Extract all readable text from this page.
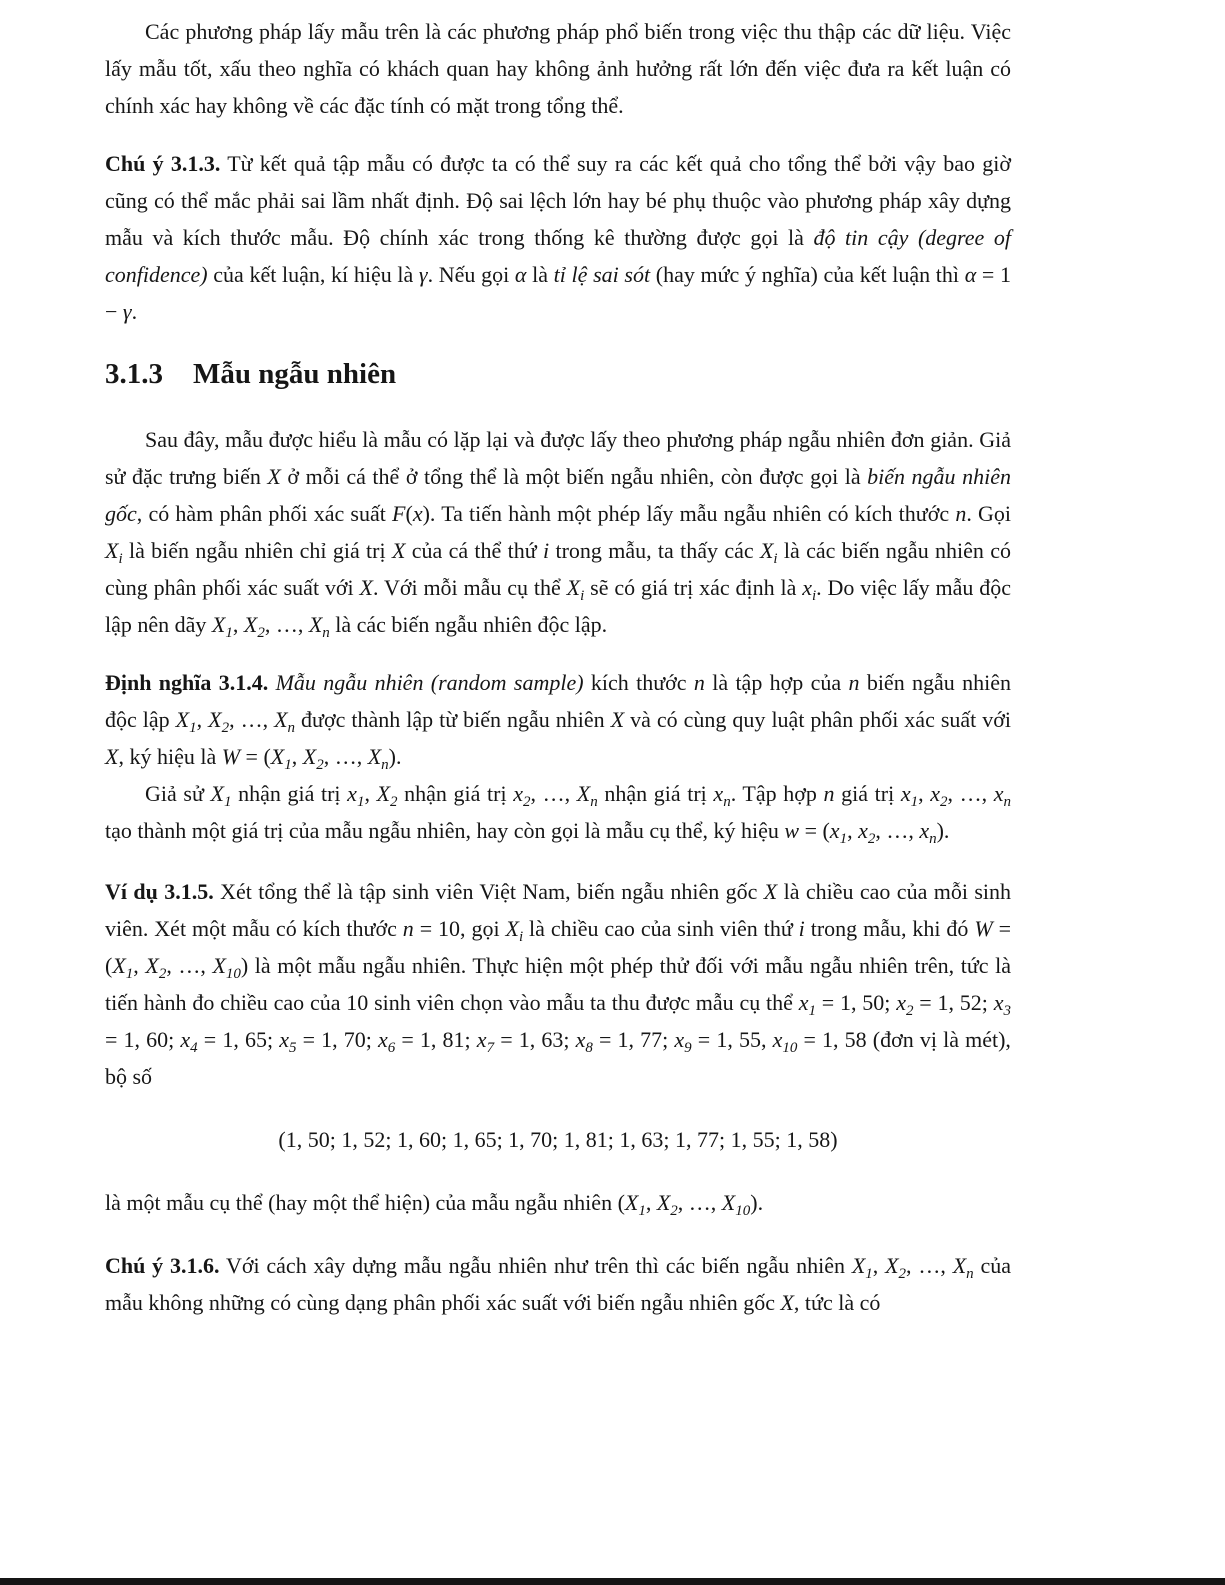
Các phương pháp lấy mẫu trên là các phương pháp phổ biến trong việc thu thập các dữ liệu. Việc lấy mẫu tốt, xấu theo nghĩa có khách quan hay không ảnh hưởng rất lớn đến việc đưa ra kết luận có chính xác hay không về các đặc tính có mặt trong tổng thể.

Chú ý 3.1.3. Từ kết quả tập mẫu có được ta có thể suy ra các kết quả cho tổng thể bởi vậy bao giờ cũng có thể mắc phải sai lầm nhất định. Độ sai lệch lớn hay bé phụ thuộc vào phương pháp xây dựng mẫu và kích thước mẫu. Độ chính xác trong thống kê thường được gọi là độ tin cậy (degree of confidence) của kết luận, kí hiệu là γ. Nếu gọi α là tỉ lệ sai sót (hay mức ý nghĩa) của kết luận thì α = 1 − γ.

3.1.3 Mẫu ngẫu nhiên

Sau đây, mẫu được hiểu là mẫu có lặp lại và được lấy theo phương pháp ngẫu nhiên đơn giản. Giả sử đặc trưng biến X ở mỗi cá thể ở tổng thể là một biến ngẫu nhiên, còn được gọi là biến ngẫu nhiên gốc, có hàm phân phối xác suất F(x). Ta tiến hành một phép lấy mẫu ngẫu nhiên có kích thước n. Gọi $X_i$ là biến ngẫu nhiên chỉ giá trị X của cá thể thứ i trong mẫu, ta thấy các $X_i$ là các biến ngẫu nhiên có cùng phân phối xác suất với X. Với mỗi mẫu cụ thể $X_i$ sẽ có giá trị xác định là $x_i$. Do việc lấy mẫu độc lập nên dãy $X_1$, $X_2$, …, $X_n$ là các biến ngẫu nhiên độc lập.

Định nghĩa 3.1.4. Mẫu ngẫu nhiên (random sample) kích thước n là tập hợp của n biến ngẫu nhiên độc lập $X_1$, $X_2$, …, $X_n$ được thành lập từ biến ngẫu nhiên X và có cùng quy luật phân phối xác suất với X, ký hiệu là $W = (X_1$, $X_2$, …, $X_n$).

Giả sử $X_1$ nhận giá trị $x_1$, $X_2$ nhận giá trị $x_2$, …, $X_n$ nhận giá trị $x_n$. Tập hợp n giá trị $x_1$, $x_2$, …, $x_n$ tạo thành một giá trị của mẫu ngẫu nhiên, hay còn gọi là mẫu cụ thể, ký hiệu $w = (x_1$, $x_2$, …, $x_n$).

Ví dụ 3.1.5. Xét tổng thể là tập sinh viên Việt Nam, biến ngẫu nhiên gốc X là chiều cao của mỗi sinh viên. Xét một mẫu có kích thước n = 10, gọi $X_i$ là chiều cao của sinh viên thứ i trong mẫu, khi đó $W = (X_1$, $X_2$, …, $X_{10}$) là một mẫu ngẫu nhiên. Thực hiện một phép thử đối với mẫu ngẫu nhiên trên, tức là tiến hành đo chiều cao của 10 sinh viên chọn vào mẫu ta thu được mẫu cụ thể $x_1 = 1$, 50; $x_2 = 1$, 52; $x_3 = 1$, 60; $x_4 = 1$, 65; $x_5 = 1$, 70; $x_6 = 1$, 81; $x_7 = 1$, 63; $x_8 = 1$, 77; $x_9 = 1$, 55, $x_{10} = 1$, 58 (đơn vị là mét), bộ số

(1, 50; 1, 52; 1, 60; 1, 65; 1, 70; 1, 81; 1, 63; 1, 77; 1, 55; 1, 58)

là một mẫu cụ thể (hay một thể hiện) của mẫu ngẫu nhiên ($X_1$, $X_2$, …, $X_{10}$).

Chú ý 3.1.6. Với cách xây dựng mẫu ngẫu nhiên như trên thì các biến ngẫu nhiên $X_1$, $X_2$, …, $X_n$ của mẫu không những có cùng dạng phân phối xác suất với biến ngẫu nhiên gốc X, tức là có
